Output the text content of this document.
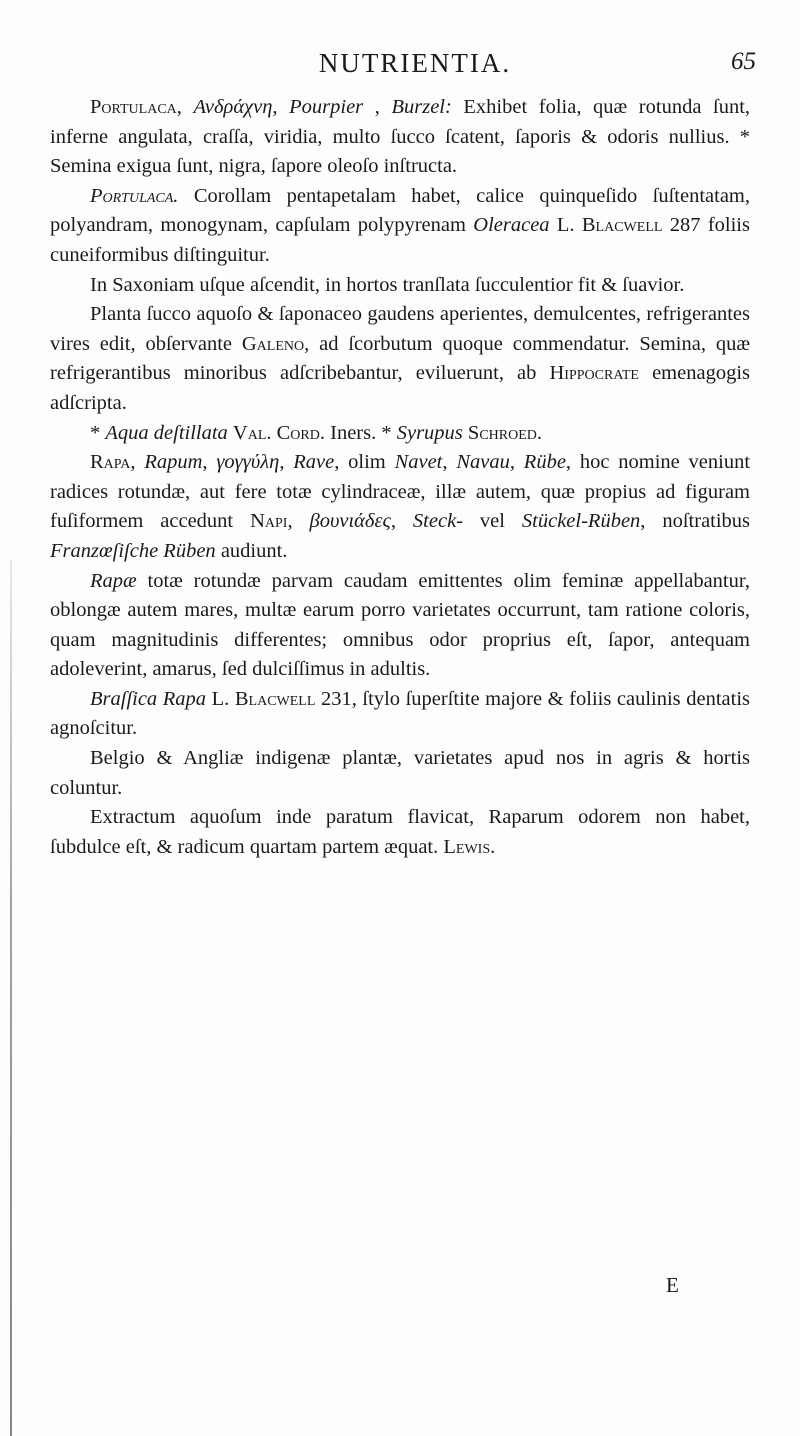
NUTRIENTIA.	65

Portulaca, Ανδράχνη, Pourpier , Burzel: Exhibet folia, quæ rotunda ſunt, inferne angulata, craſſa, viridia, multo ſucco ſcatent, ſaporis & odoris nullius. * Semina exigua ſunt, nigra, ſapore oleoſo inſtructa.

Portulaca. Corollam pentapetalam habet, calice quinqueſido ſuſtentatam, polyandram, monogynam, capſulam polypyrenam Oleracea L. Blacwell 287 foliis cuneiformibus diſtinguitur.

In Saxoniam uſque aſcendit, in hortos tranſlata ſucculentior fit & ſuavior.

Planta ſucco aquoſo & ſaponaceo gaudens aperientes, demulcentes, refrigerantes vires edit, obſervante Galeno, ad ſcorbutum quoque commendatur. Semina, quæ refrigerantibus minoribus adſcribebantur, eviluerunt, ab Hippocrate emenagogis adſcripta.

* Aqua deſtillata Val. Cord. Iners. * Syrupus Schroed.

Rapa, Rapum, γογγύλη, Rave, olim Navet, Navau, Rübe, hoc nomine veniunt radices rotundæ, aut fere totæ cylindraceæ, illæ autem, quæ propius ad figuram fuſiformem accedunt Napi, βουνιάδες, Steck- vel Stückel-Rüben, noſtratibus Franzœſiſche Rüben audiunt.

Rapæ totæ rotundæ parvam caudam emittentes olim feminæ appellabantur, oblongæ autem mares, multæ earum porro varietates occurrunt, tam ratione coloris, quam magnitudinis differentes; omnibus odor proprius eſt, ſapor, antequam adoleverint, amarus, ſed dulciſſimus in adultis.

Braſſica Rapa L. Blacwell 231, ſtylo ſuperſtite majore & foliis caulinis dentatis agnoſcitur.

Belgio & Angliæ indigenæ plantæ, varietates apud nos in agris & hortis coluntur.

Extractum aquoſum inde paratum flavicat, Raparum odorem non habet, ſubdulce eſt, & radicum quartam partem æquat. Lewis.

E
